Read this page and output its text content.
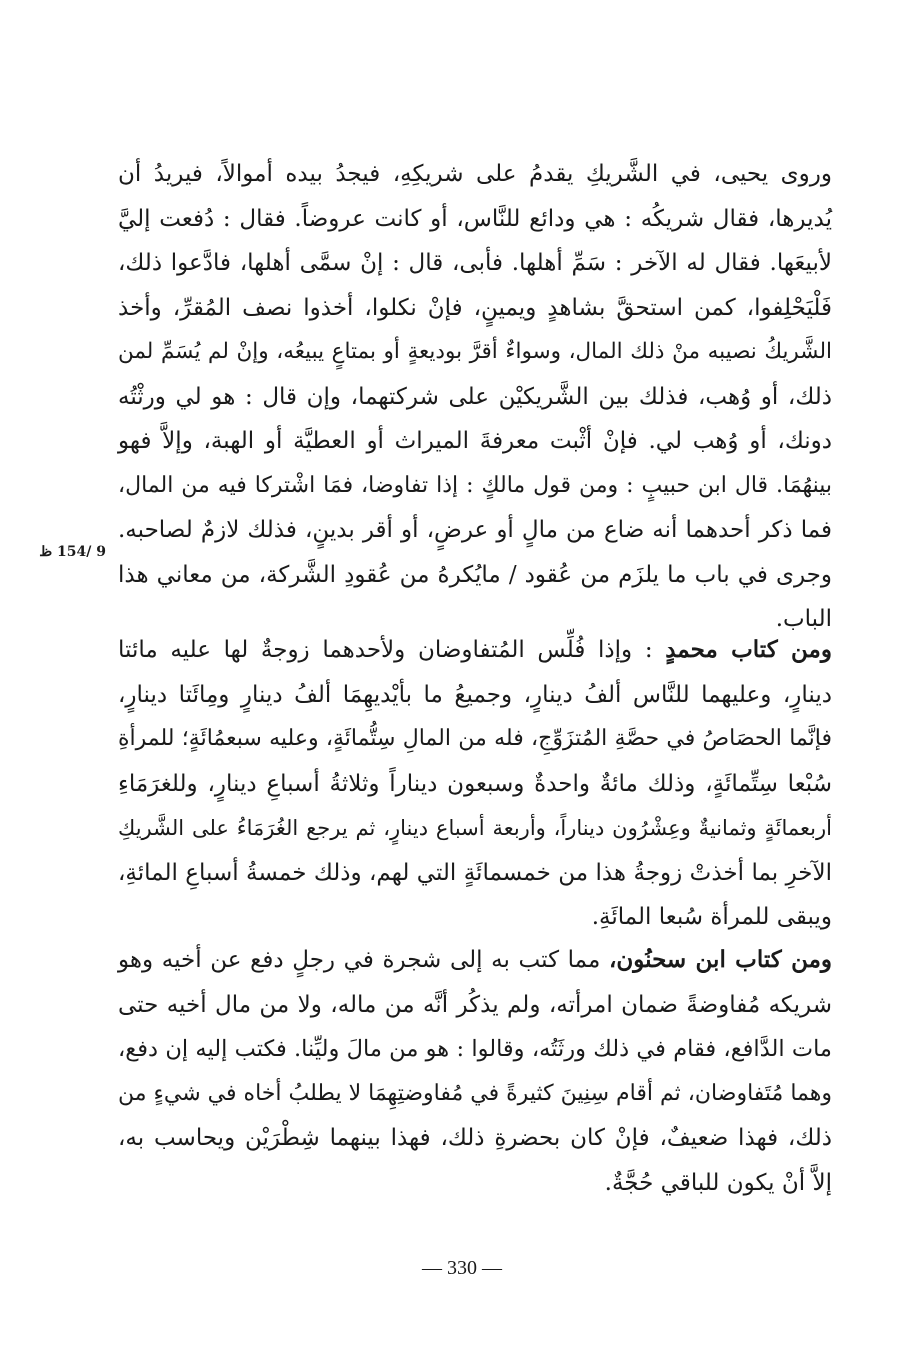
وروى يحيى، في الشَّريكِ يقدمُ على شريكِهِ، فيجدُ بيده أموالاً، فيريدُ أن
يُديرها، فقال شريكُه : هي ودائع للنَّاس، أو كانت عروضاً. فقال : دُفعت إليَّ
لأبيعَها. فقال له الآخر : سَمِّ أهلها. فأبى، قال : إنْ سمَّى أهلها، فادَّعوا ذلك،
فَلْيَحْلِفوا، كمن استحقَّ بشاهدٍ ويمينٍ، فإنْ نكلوا، أخذوا نصف المُقرِّ، وأخذ
الشَّريكُ نصيبه منْ ذلك المال، وسواءٌ أقرَّ بوديعةٍ أو بمتاعٍ يبيعُه، وإنْ لم يُسَمِّ لمن
ذلك، أو وُهب، فذلك بين الشَّريكيْن على شركتهما، وإن قال : هو لي ورثْتُه
دونك، أو وُهب لي. فإنْ أثْبت معرفةَ الميراث أو العطيَّة أو الهبة، وإلاَّ فهو
بينهُمَا. قال ابن حبيبٍ : ومن قول مالكٍ : إذا تفاوضا، فمَا اشْتركا فيه من المال،
فما ذكر أحدهما أنه ضاع من مالٍ أو عرضٍ، أو أقر بدينٍ، فذلك لازمٌ لصاحبه.
وجرى في باب ما يلزَم من عُقود / مايُكرهُ من عُقودِ الشَّركة، من معاني هذا
الباب.
9 /154 ظ
ومن كتاب محمدٍ : وإذا فُلِّس المُتفاوضان ولأحدهما زوجةٌ لها عليه مائتا
دينارٍ، وعليهما للنَّاس ألفُ دينارٍ، وجميعُ ما بأيْديهِمَا ألفُ دينارٍ ومِائَتا دينارٍ،
فإنَّما الحصَاصُ في حصَّةِ المُتزَوِّجِ، فله من المالِ سِتُّمائَةٍ، وعليه سبعمُائَةٍ؛ للمرأةِ
سُبْعا سِتِّمائَةٍ، وذلك مائةٌ واحدةٌ وسبعون ديناراً وثلاثةُ أسباعِ دينارٍ، وللغرَمَاءِ
أربعمائَةٍ وثمانيةٌ وعِشْرُون ديناراً، وأربعة أسباع دينارٍ، ثم يرجع الغُرَمَاءُ على الشَّريكِ
الآخرِ بما أخذتْ زوجةُ هذا من خمسمائَةٍ التي لهم، وذلك خمسةُ أسباعِ المائةِ،
ويبقى للمرأة سُبعا المائَةِ.
ومن كتاب ابن سحنُون، مما كتب به إلى شجرة في رجلٍ دفع عن أخيه وهو
شريكه مُفاوضةً ضمان امرأته، ولم يذكُر أنَّه من ماله، ولا من مال أخيه حتى
مات الدَّافع، فقام في ذلك ورثَتُه، وقالوا : هو من مالَ وليِّنا. فكتب إليه إن دفع،
وهما مُتَفاوضان، ثم أقام سِنِينَ كثيرةً في مُفاوضتِهِمَا لا يطلبُ أخاه في شيءٍ من
ذلك، فهذا ضعيفٌ، فإنْ كان بحضرةِ ذلك، فهذا بينهما شِطْرَيْن ويحاسب به،
إلاَّ أنْ يكون للباقي حُجَّةٌ.
— 330 —
